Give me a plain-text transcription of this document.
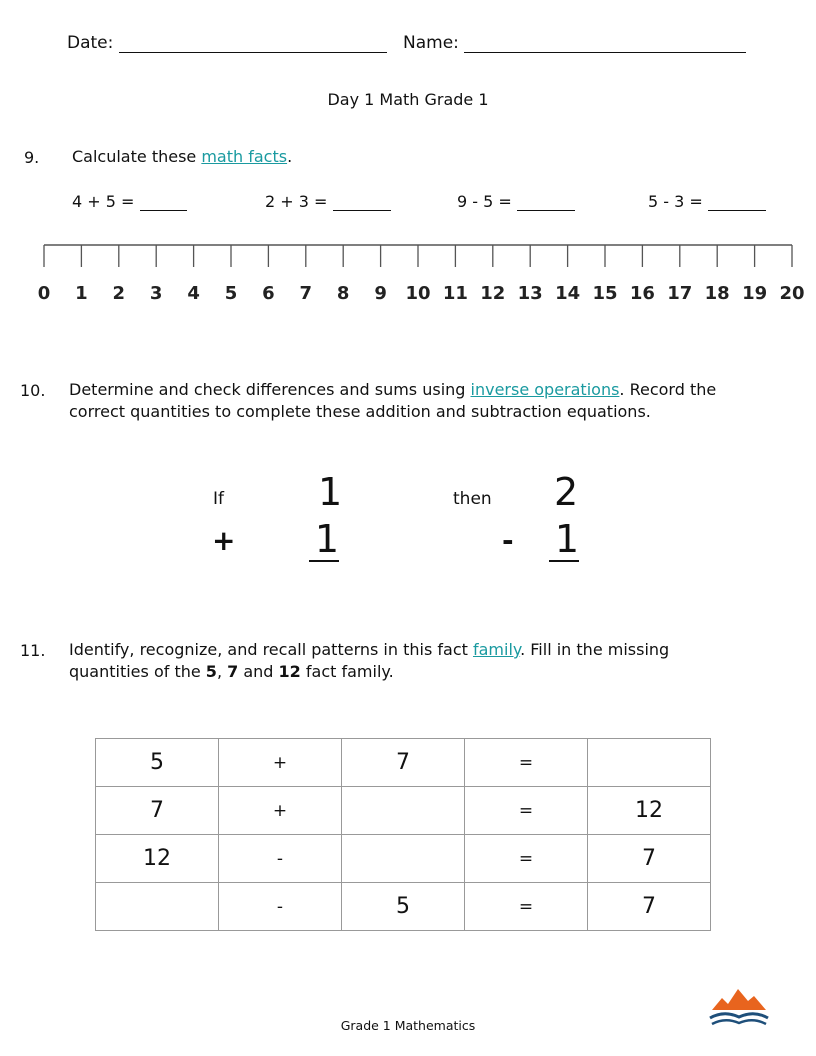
Date:	Name:
Day 1 Math Grade 1
9. Calculate these math facts.
4 + 5 =	2 + 3 =	9 - 5 =	5 - 3 =
0 1 2 3 4 5 6 7 8 9 10 11 12 13 14 15 16 17 18 19 20
10. Determine and check differences and sums using inverse operations. Record the
correct quantities to complete these addition and subtraction equations.
If 1
+ 1
then 2
- 1
11. Identify, recognize, and recall patterns in this fact family. Fill in the missing
quantities of the 5, 7 and 12 fact family.
5	+	7	=	
7	+		=	12
12	-		=	7
	-	5	=	7
Grade 1 Mathematics
